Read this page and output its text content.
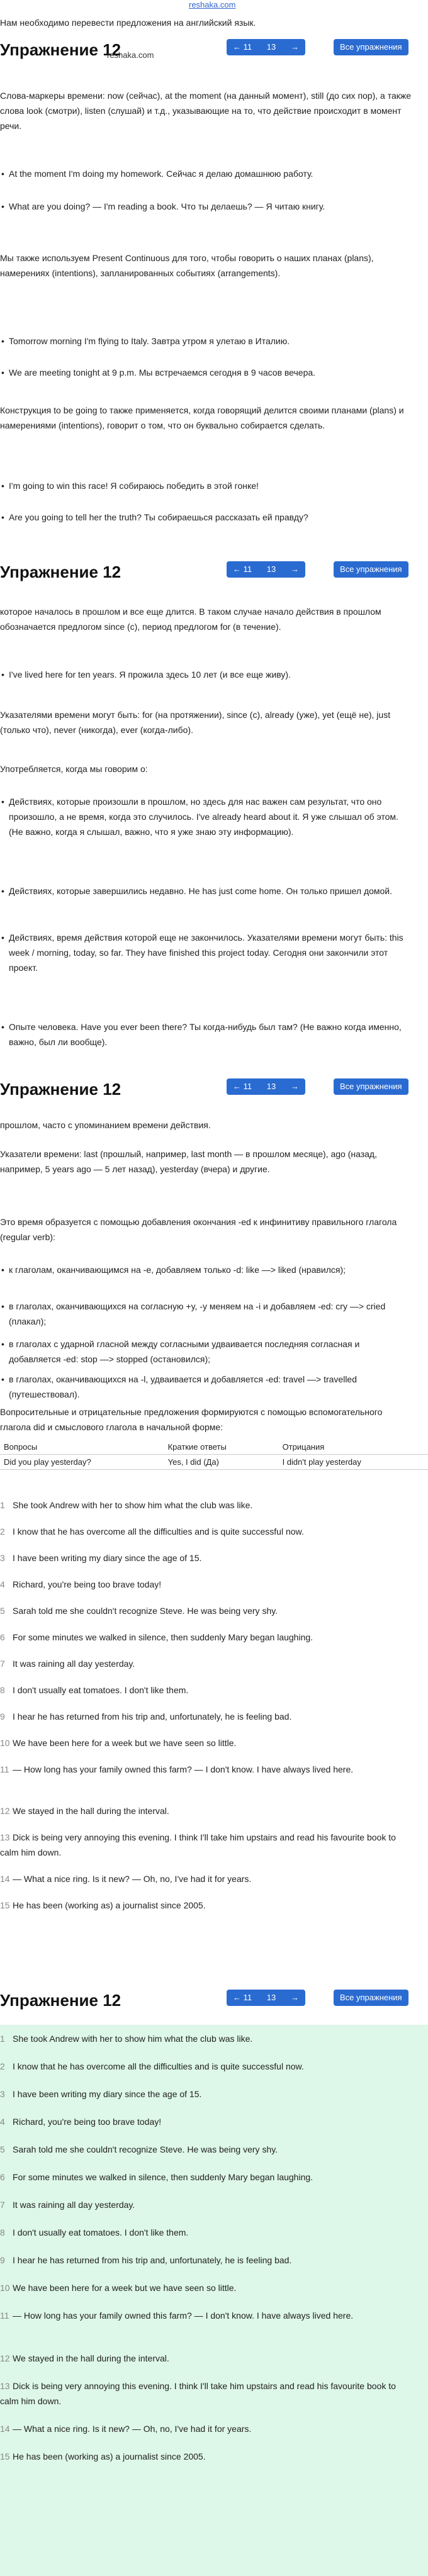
reshaka.com
Нам необходимо перевести предложения на английский язык.
Упражнение 12
reshaka.com
← 11 13 →	Все упражнения
Слова-маркеры времени: now (сейчас), at the moment (на данный момент), still (до сих пор), а также слова look (смотри), listen (слушай) и т.д., указывающие на то, что действие происходит в момент речи.
• At the moment I'm doing my homework. Сейчас я делаю домашнюю работу.
• What are you doing? — I'm reading a book. Что ты делаешь? — Я читаю книгу.
Мы также используем Present Continuous для того, чтобы говорить о наших планах (plans), намерениях (intentions), запланированных событиях (arrangements).
• Tomorrow morning I'm flying to Italy. Завтра утром я улетаю в Италию.
• We are meeting tonight at 9 p.m. Мы встречаемся сегодня в 9 часов вечера.
Конструкция to be going to также применяется, когда говорящий делится своими планами (plans) и намерениями (intentions), говорит о том, что он буквально собирается сделать.
• I'm going to win this race! Я собираюсь победить в этой гонке!
• Are you going to tell her the truth? Ты собираешься рассказать ей правду?
Упражнение 12	← 11 13 →	Все упражнения
которое началось в прошлом и все еще длится. В таком случае начало действия в прошлом обозначается предлогом since (с), период предлогом for (в течение).
• I've lived here for ten years. Я прожила здесь 10 лет (и все еще живу).
Указателями времени могут быть: for (на протяжении), since (с), already (уже), yet (ещё не), just (только что), never (никогда), ever (когда-либо).
Употребляется, когда мы говорим о:
• Действиях, которые произошли в прошлом, но здесь для нас важен сам результат, что оно произошло, а не время, когда это случилось. I've already heard about it. Я уже слышал об этом. (Не важно, когда я слышал, важно, что я уже знаю эту информацию).
• Действиях, которые завершились недавно. He has just come home. Он только пришел домой.
• Действиях, время действия которой еще не закончилось. Указателями времени могут быть: this week / morning, today, so far. They have finished this project today. Сегодня они закончили этот проект.
• Опыте человека. Have you ever been there? Ты когда-нибудь был там? (Не важно когда именно, важно, был ли вообще).
Упражнение 12	← 11 13 →	Все упражнения
прошлом, часто с упоминанием времени действия.
Указатели времени: last (прошлый, например, last month — в прошлом месяце), ago (назад, например, 5 years ago — 5 лет назад), yesterday (вчера) и другие.
Это время образуется с помощью добавления окончания -ed к инфинитиву правильного глагола (regular verb):
• к глаголам, оканчивающимся на -e, добавляем только -d: like —> liked (нравился);
• в глаголах, оканчивающихся на согласную +y, -y меняем на -i и добавляем -ed: cry —> cried (плакал);
• в глаголах с ударной гласной между согласными удваивается последняя согласная и добавляется -ed: stop —> stopped (остановился);
• в глаголах, оканчивающихся на -l, удваивается и добавляется -ed: travel —> travelled (путешествовал).
Вопросительные и отрицательные предложения формируются с помощью вспомогательного глагола did и смыслового глагола в начальной форме:
Вопросы	Краткие ответы	Отрицания
Did you play yesterday?	Yes, I did (Да)	I didn't play yesterday
1 She took Andrew with her to show him what the club was like.
2 I know that he has overcome all the difficulties and is quite successful now.
3 I have been writing my diary since the age of 15.
4 Richard, you're being too brave today!
5 Sarah told me she couldn't recognize Steve. He was being very shy.
6 For some minutes we walked in silence, then suddenly Mary began laughing.
7 It was raining all day yesterday.
8 I don't usually eat tomatoes. I don't like them.
9 I hear he has returned from his trip and, unfortunately, he is feeling bad.
10 We have been here for a week but we have seen so little.
11 — How long has your family owned this farm? — I don't know. I have always lived here.
12 We stayed in the hall during the interval.
13 Dick is being very annoying this evening. I think I'll take him upstairs and read his favourite book to calm him down.
14 — What a nice ring. Is it new? — Oh, no, I've had it for years.
15 He has been (working as) a journalist since 2005.
Упражнение 12	← 11 13 →	Все упражнения
1 She took Andrew with her to show him what the club was like.
2 I know that he has overcome all the difficulties and is quite successful now.
3 I have been writing my diary since the age of 15.
4 Richard, you're being too brave today!
5 Sarah told me she couldn't recognize Steve. He was being very shy.
6 For some minutes we walked in silence, then suddenly Mary began laughing.
7 It was raining all day yesterday.
8 I don't usually eat tomatoes. I don't like them.
9 I hear he has returned from his trip and, unfortunately, he is feeling bad.
10 We have been here for a week but we have seen so little.
11 — How long has your family owned this farm? — I don't know. I have always lived here.
12 We stayed in the hall during the interval.
13 Dick is being very annoying this evening. I think I'll take him upstairs and read his favourite book to calm him down.
14 — What a nice ring. Is it new? — Oh, no, I've had it for years.
15 He has been (working as) a journalist since 2005.
